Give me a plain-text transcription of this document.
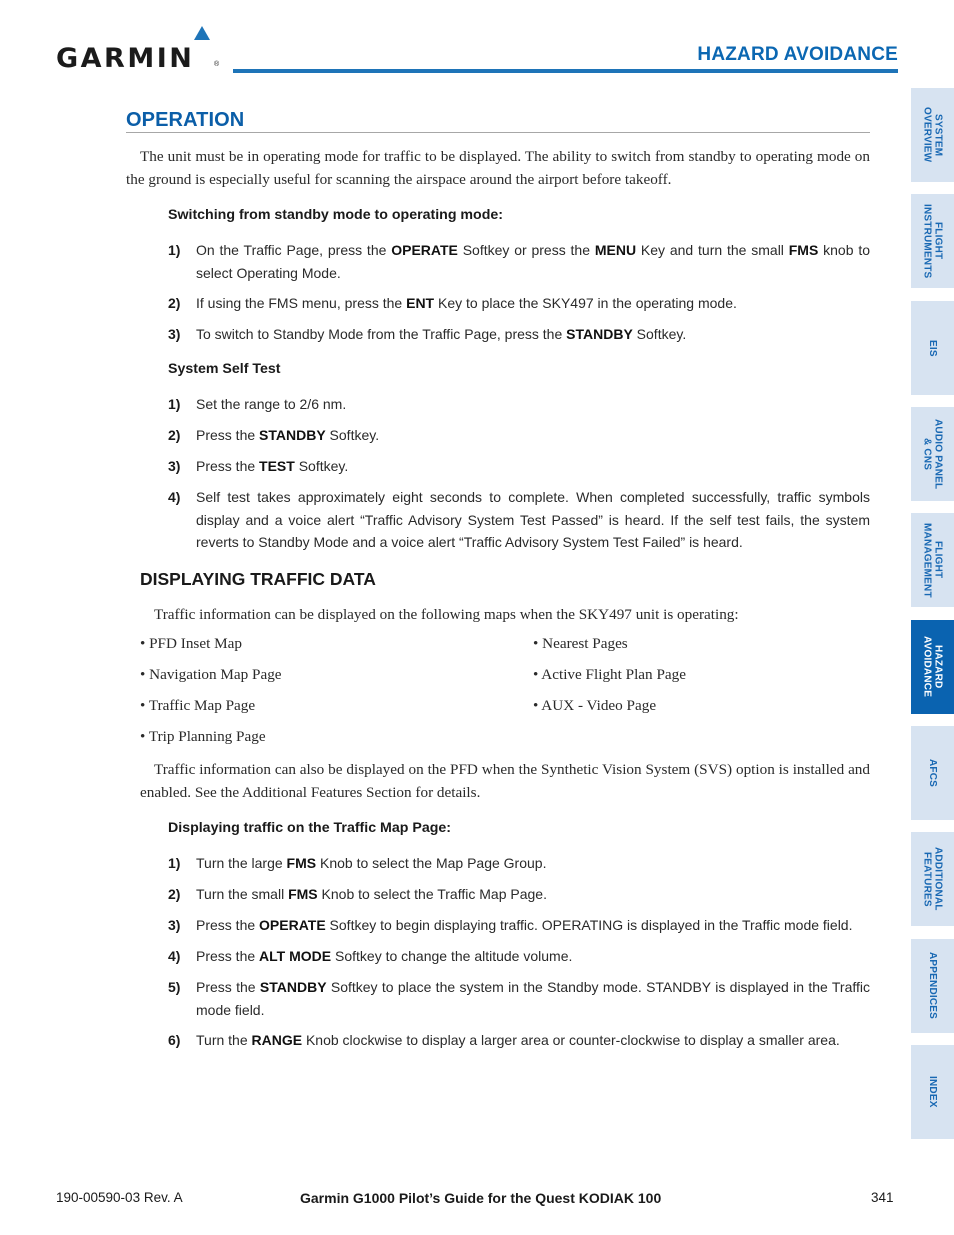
GARMIN	®	HAZARD AVOIDANCE
OPERATION
The unit must be in operating mode for traffic to be displayed. The ability to switch from standby to operating mode on the ground is especially useful for scanning the airspace around the airport before takeoff.
Switching from standby mode to operating mode:
1) On the Traffic Page, press the OPERATE Softkey or press the MENU Key and turn the small FMS knob to select Operating Mode.
2) If using the FMS menu, press the ENT Key to place the SKY497 in the operating mode.
3) To switch to Standby Mode from the Traffic Page, press the STANDBY Softkey.
System Self Test
1) Set the range to 2/6 nm.
2) Press the STANDBY Softkey.
3) Press the TEST Softkey.
4) Self test takes approximately eight seconds to complete. When completed successfully, traffic symbols display and a voice alert “Traffic Advisory System Test Passed” is heard. If the self test fails, the system reverts to Standby Mode and a voice alert “Traffic Advisory System Test Failed” is heard.
DISPLAYING TRAFFIC DATA
Traffic information can be displayed on the following maps when the SKY497 unit is operating:
• PFD Inset Map
• Navigation Map Page
• Traffic Map Page
• Trip Planning Page
• Nearest Pages
• Active Flight Plan Page
• AUX - Video Page
Traffic information can also be displayed on the PFD when the Synthetic Vision System (SVS) option is installed and enabled. See the Additional Features Section for details.
Displaying traffic on the Traffic Map Page:
1) Turn the large FMS Knob to select the Map Page Group.
2) Turn the small FMS Knob to select the Traffic Map Page.
3) Press the OPERATE Softkey to begin displaying traffic. OPERATING is displayed in the Traffic mode field.
4) Press the ALT MODE Softkey to change the altitude volume.
5) Press the STANDBY Softkey to place the system in the Standby mode. STANDBY is displayed in the Traffic mode field.
6) Turn the RANGE Knob clockwise to display a larger area or counter-clockwise to display a smaller area.
SYSTEM
OVERVIEW
FLIGHT
INSTRUMENTS
EIS
AUDIO PANEL
& CNS
FLIGHT
MANAGEMENT
HAZARD
AVOIDANCE
AFCS
ADDITIONAL
FEATURES
APPENDICES
INDEX
190-00590-03 Rev. A	Garmin G1000 Pilot’s Guide for the Quest KODIAK 100	341
